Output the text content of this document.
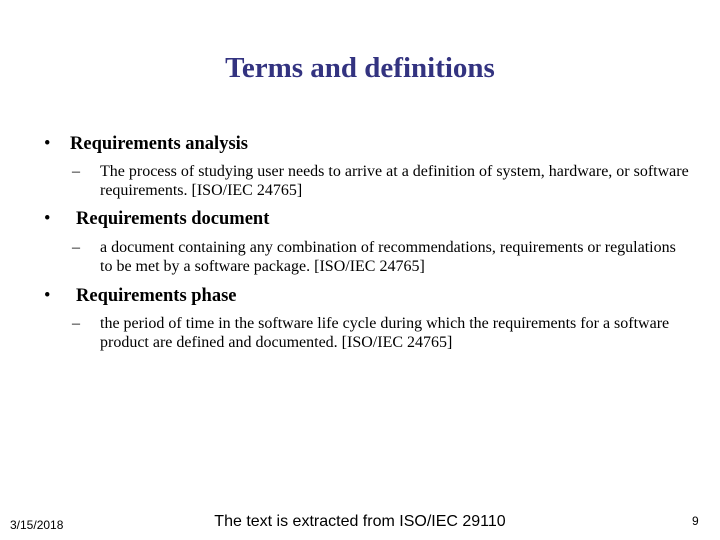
Terms and definitions
• Requirements analysis
–	The process of studying user needs to arrive at a definition of system, hardware, or software requirements. [ISO/IEC 24765]
• Requirements document
–	a document containing any combination of recommendations, requirements or regulations to be met by a software package. [ISO/IEC 24765]
• Requirements phase
–	the period of time in the software life cycle during which the requirements for a software product are defined and documented. [ISO/IEC 24765]
3/15/2018	The text is extracted from ISO/IEC 29110	9
